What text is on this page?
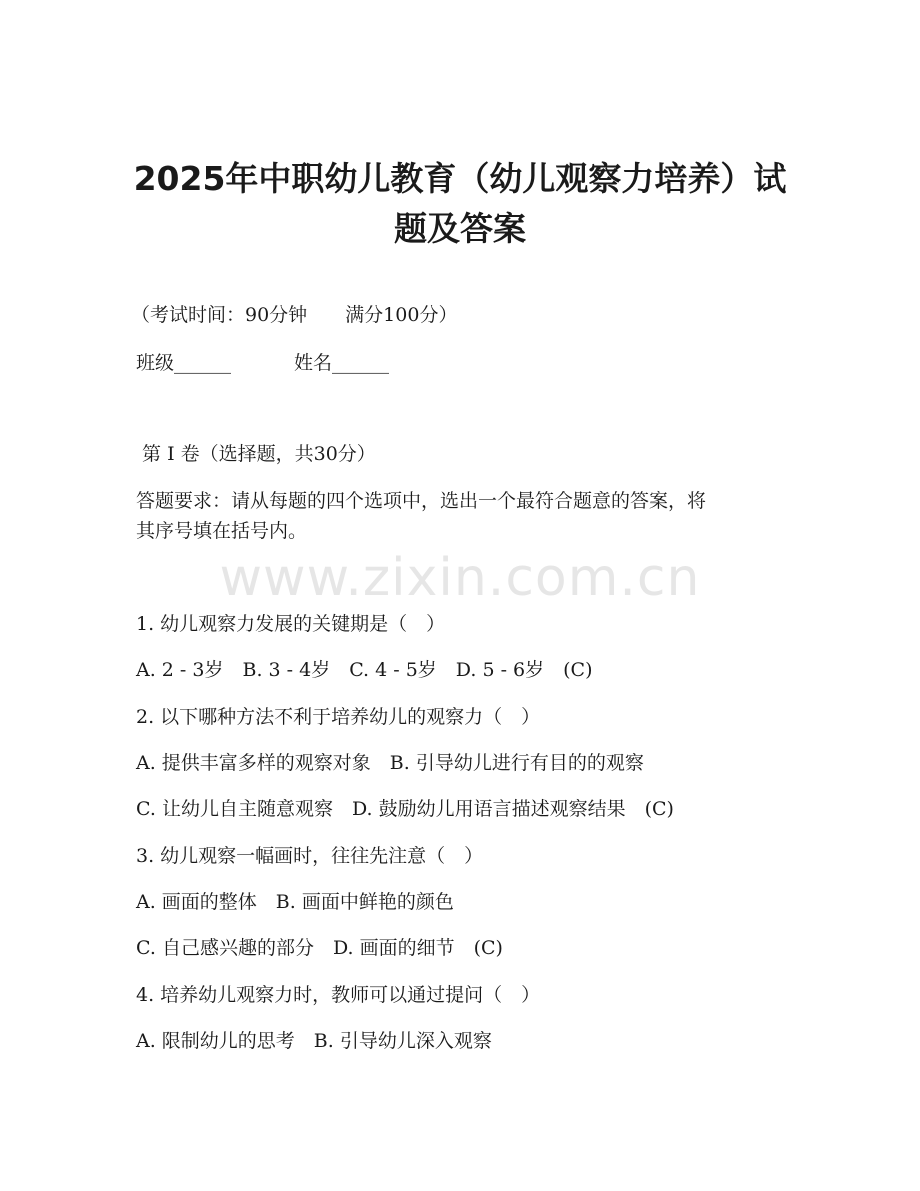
2025年中职幼儿教育（幼儿观察力培养）试
题及答案

（考试时间：90分钟　　满分100分）

班级______	姓名______

第 I 卷（选择题，共30分）

答题要求：请从每题的四个选项中，选出一个最符合题意的答案，将

其序号填在括号内。

www.zixin.com.cn

1. 幼儿观察力发展的关键期是（　）

A. 2 - 3岁　B. 3 - 4岁　C. 4 - 5岁　D. 5 - 6岁　(C)

2. 以下哪种方法不利于培养幼儿的观察力（　）

A. 提供丰富多样的观察对象　B. 引导幼儿进行有目的的观察

C. 让幼儿自主随意观察　D. 鼓励幼儿用语言描述观察结果　(C)

3. 幼儿观察一幅画时，往往先注意（　）

A. 画面的整体　B. 画面中鲜艳的颜色

C. 自己感兴趣的部分　D. 画面的细节　(C)

4. 培养幼儿观察力时，教师可以通过提问（　）

A. 限制幼儿的思考　B. 引导幼儿深入观察
